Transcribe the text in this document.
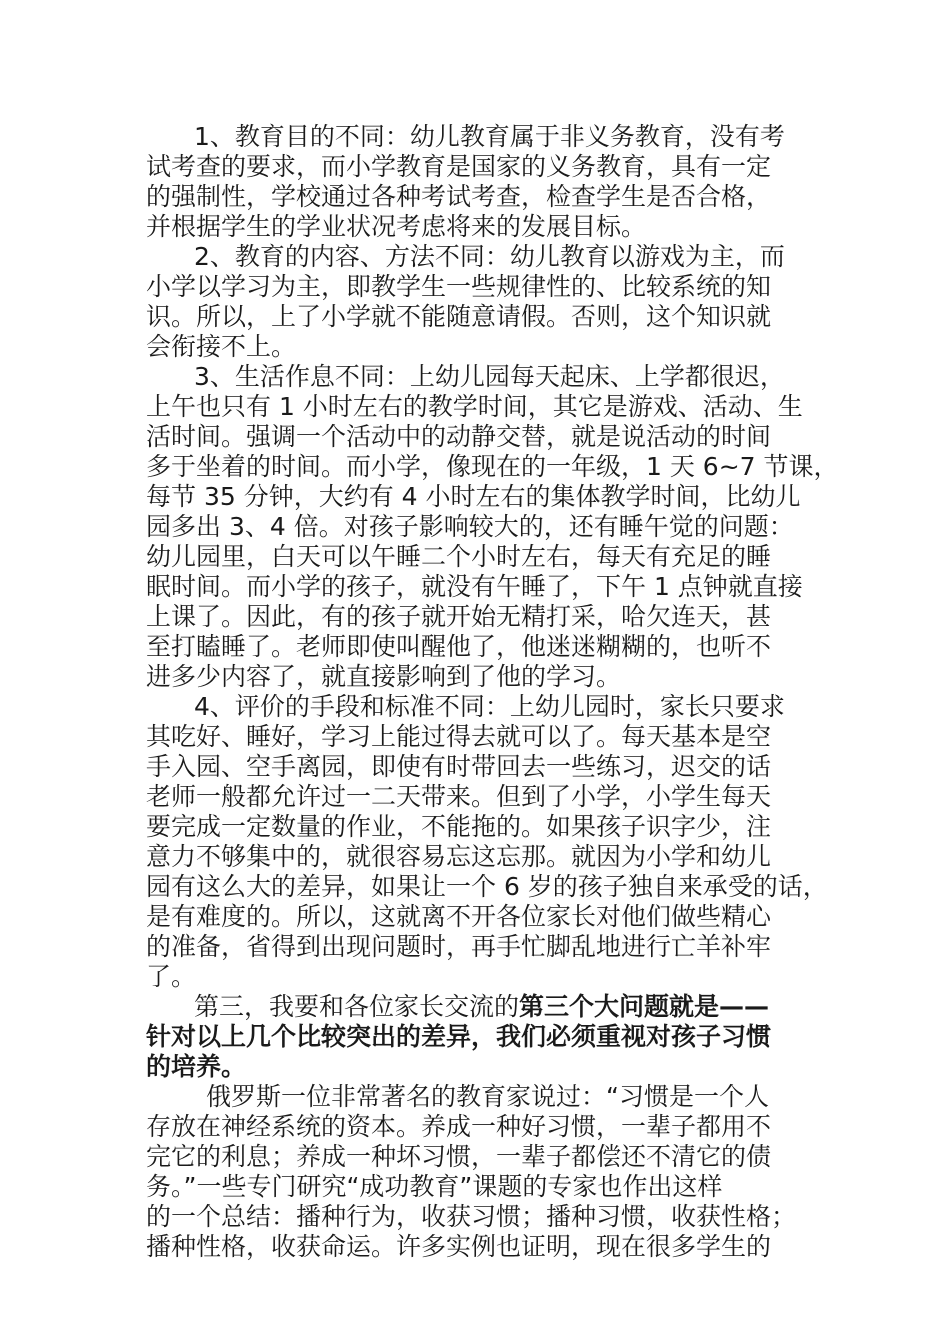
1、教育目的不同：幼儿教育属于非义务教育，没有考
试考查的要求，而小学教育是国家的义务教育，具有一定
的强制性，学校通过各种考试考查，检查学生是否合格，
并根据学生的学业状况考虑将来的发展目标。
2、教育的内容、方法不同：幼儿教育以游戏为主，而
小学以学习为主，即教学生一些规律性的、比较系统的知
识。所以，上了小学就不能随意请假。否则，这个知识就
会衔接不上。
3、生活作息不同：上幼儿园每天起床、上学都很迟，
上午也只有 1 小时左右的教学时间，其它是游戏、活动、生
活时间。强调一个活动中的动静交替，就是说活动的时间
多于坐着的时间。而小学，像现在的一年级，1 天 6~7 节课，
每节 35 分钟，大约有 4 小时左右的集体教学时间，比幼儿
园多出 3、4 倍。对孩子影响较大的，还有睡午觉的问题：
幼儿园里，白天可以午睡二个小时左右，每天有充足的睡
眠时间。而小学的孩子，就没有午睡了，下午 1 点钟就直接
上课了。因此，有的孩子就开始无精打采，哈欠连天，甚
至打瞌睡了。老师即使叫醒他了，他迷迷糊糊的，也听不
进多少内容了，就直接影响到了他的学习。
4、评价的手段和标准不同：上幼儿园时，家长只要求
其吃好、睡好，学习上能过得去就可以了。每天基本是空
手入园、空手离园，即使有时带回去一些练习，迟交的话
老师一般都允许过一二天带来。但到了小学，小学生每天
要完成一定数量的作业，不能拖的。如果孩子识字少，注
意力不够集中的，就很容易忘这忘那。就因为小学和幼儿
园有这么大的差异，如果让一个 6 岁的孩子独自来承受的话，
是有难度的。所以，这就离不开各位家长对他们做些精心
的准备，省得到出现问题时，再手忙脚乱地进行亡羊补牢
了。
第三，我要和各位家长交流的第三个大问题就是——
针对以上几个比较突出的差异，我们必须重视对孩子习惯
的培养。
俄罗斯一位非常著名的教育家说过：“习惯是一个人
存放在神经系统的资本。养成一种好习惯，一辈子都用不
完它的利息；养成一种坏习惯，一辈子都偿还不清它的债
务。”一些专门研究“成功教育”课题的专家也作出这样
的一个总结：播种行为，收获习惯；播种习惯，收获性格；
播种性格，收获命运。许多实例也证明，现在很多学生的
